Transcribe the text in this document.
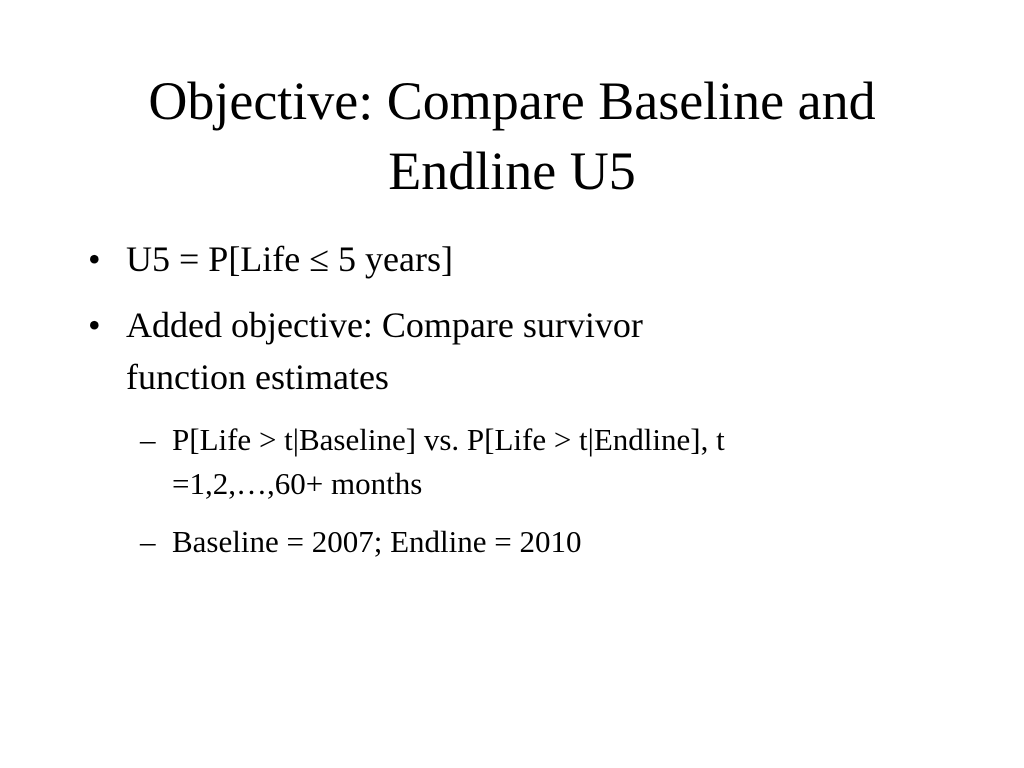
Objective: Compare Baseline and
Endline U5
• U5 = P[Life ≤ 5 years]
• Added objective: Compare survivor
function estimates
– P[Life > t|Baseline] vs. P[Life > t|Endline], t
=1,2,…,60+ months
– Baseline = 2007; Endline = 2010
